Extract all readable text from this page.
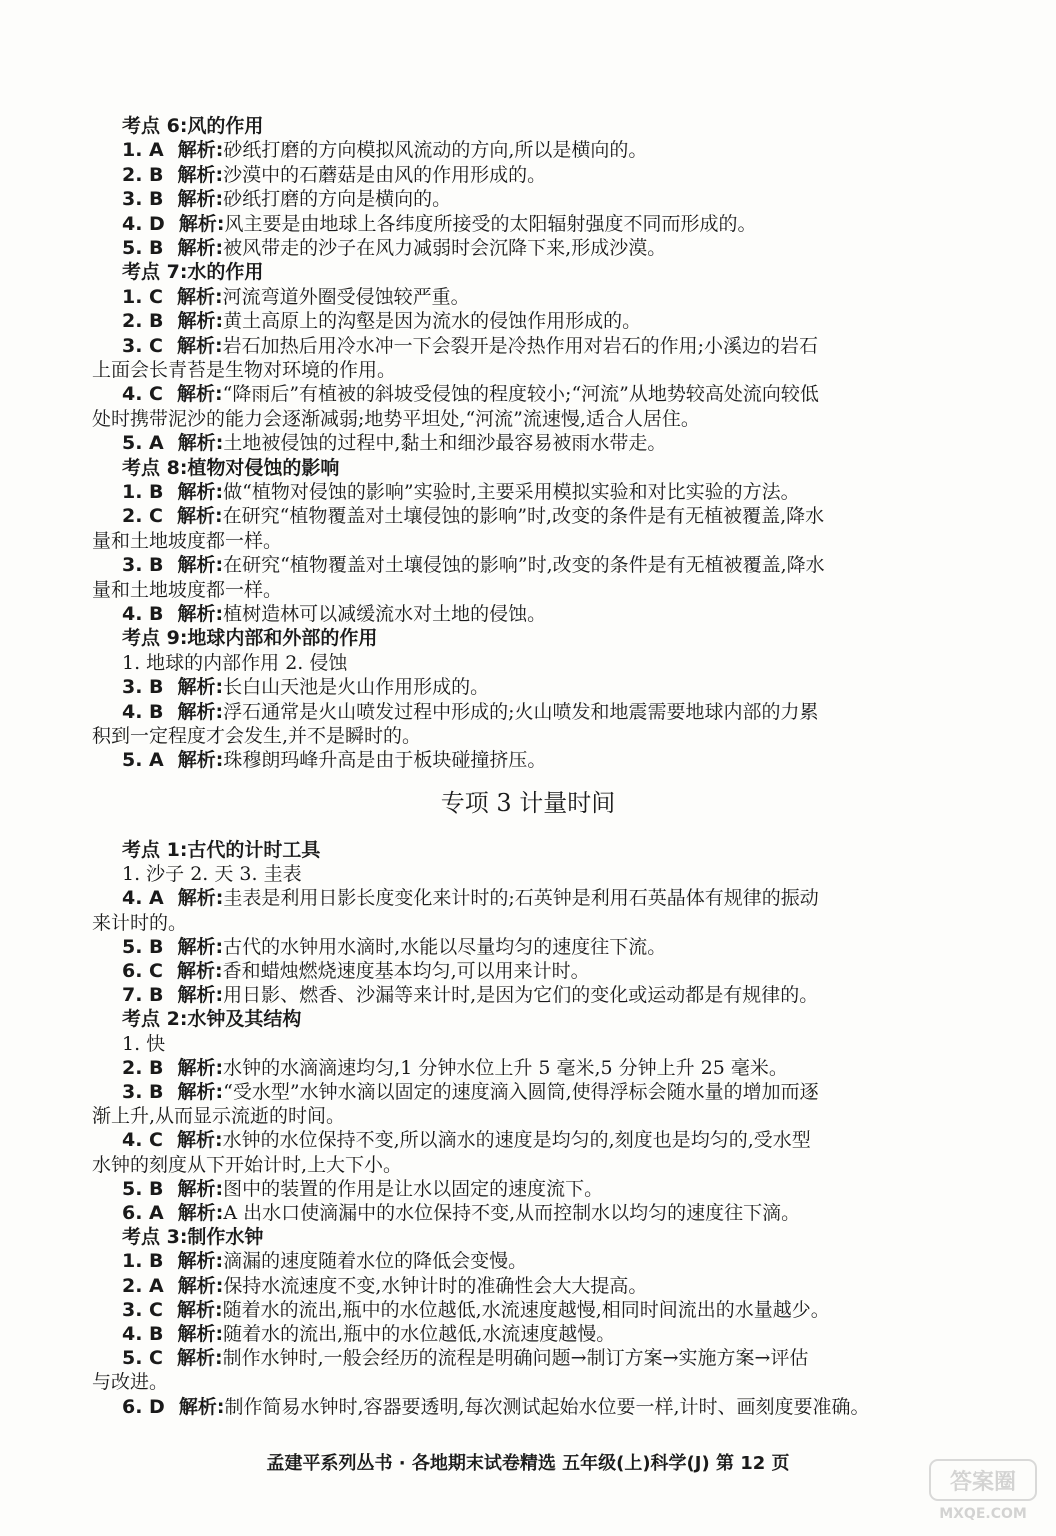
考点 6:风的作用
1. A 解析:砂纸打磨的方向模拟风流动的方向,所以是横向的。
2. B 解析:沙漠中的石蘑菇是由风的作用形成的。
3. B 解析:砂纸打磨的方向是横向的。
4. D 解析:风主要是由地球上各纬度所接受的太阳辐射强度不同而形成的。
5. B 解析:被风带走的沙子在风力减弱时会沉降下来,形成沙漠。
考点 7:水的作用
1. C 解析:河流弯道外圈受侵蚀较严重。
2. B 解析:黄土高原上的沟壑是因为流水的侵蚀作用形成的。
3. C 解析:岩石加热后用冷水冲一下会裂开是冷热作用对岩石的作用;小溪边的岩石
上面会长青苔是生物对环境的作用。
4. C 解析:“降雨后”有植被的斜坡受侵蚀的程度较小;“河流”从地势较高处流向较低
处时携带泥沙的能力会逐渐减弱;地势平坦处,“河流”流速慢,适合人居住。
5. A 解析:土地被侵蚀的过程中,黏土和细沙最容易被雨水带走。
考点 8:植物对侵蚀的影响
1. B 解析:做“植物对侵蚀的影响”实验时,主要采用模拟实验和对比实验的方法。
2. C 解析:在研究“植物覆盖对土壤侵蚀的影响”时,改变的条件是有无植被覆盖,降水
量和土地坡度都一样。
3. B 解析:在研究“植物覆盖对土壤侵蚀的影响”时,改变的条件是有无植被覆盖,降水
量和土地坡度都一样。
4. B 解析:植树造林可以减缓流水对土地的侵蚀。
考点 9:地球内部和外部的作用
1. 地球的内部作用 2. 侵蚀
3. B 解析:长白山天池是火山作用形成的。
4. B 解析:浮石通常是火山喷发过程中形成的;火山喷发和地震需要地球内部的力累
积到一定程度才会发生,并不是瞬时的。
5. A 解析:珠穆朗玛峰升高是由于板块碰撞挤压。
专项 3 计量时间
考点 1:古代的计时工具
1. 沙子 2. 天 3. 圭表
4. A 解析:圭表是利用日影长度变化来计时的;石英钟是利用石英晶体有规律的振动
来计时的。
5. B 解析:古代的水钟用水滴时,水能以尽量均匀的速度往下流。
6. C 解析:香和蜡烛燃烧速度基本均匀,可以用来计时。
7. B 解析:用日影、燃香、沙漏等来计时,是因为它们的变化或运动都是有规律的。
考点 2:水钟及其结构
1. 快
2. B 解析:水钟的水滴滴速均匀,1 分钟水位上升 5 毫米,5 分钟上升 25 毫米。
3. B 解析:“受水型”水钟水滴以固定的速度滴入圆筒,使得浮标会随水量的增加而逐
渐上升,从而显示流逝的时间。
4. C 解析:水钟的水位保持不变,所以滴水的速度是均匀的,刻度也是均匀的,受水型
水钟的刻度从下开始计时,上大下小。
5. B 解析:图中的装置的作用是让水以固定的速度流下。
6. A 解析:A 出水口使滴漏中的水位保持不变,从而控制水以均匀的速度往下滴。
考点 3:制作水钟
1. B 解析:滴漏的速度随着水位的降低会变慢。
2. A 解析:保持水流速度不变,水钟计时的准确性会大大提高。
3. C 解析:随着水的流出,瓶中的水位越低,水流速度越慢,相同时间流出的水量越少。
4. B 解析:随着水的流出,瓶中的水位越低,水流速度越慢。
5. C 解析:制作水钟时,一般会经历的流程是明确问题→制订方案→实施方案→评估
与改进。
6. D 解析:制作简易水钟时,容器要透明,每次测试起始水位要一样,计时、画刻度要准确。
孟建平系列丛书 · 各地期末试卷精选 五年级(上)科学(J) 第 12 页
答案圈
MXQE.COM
